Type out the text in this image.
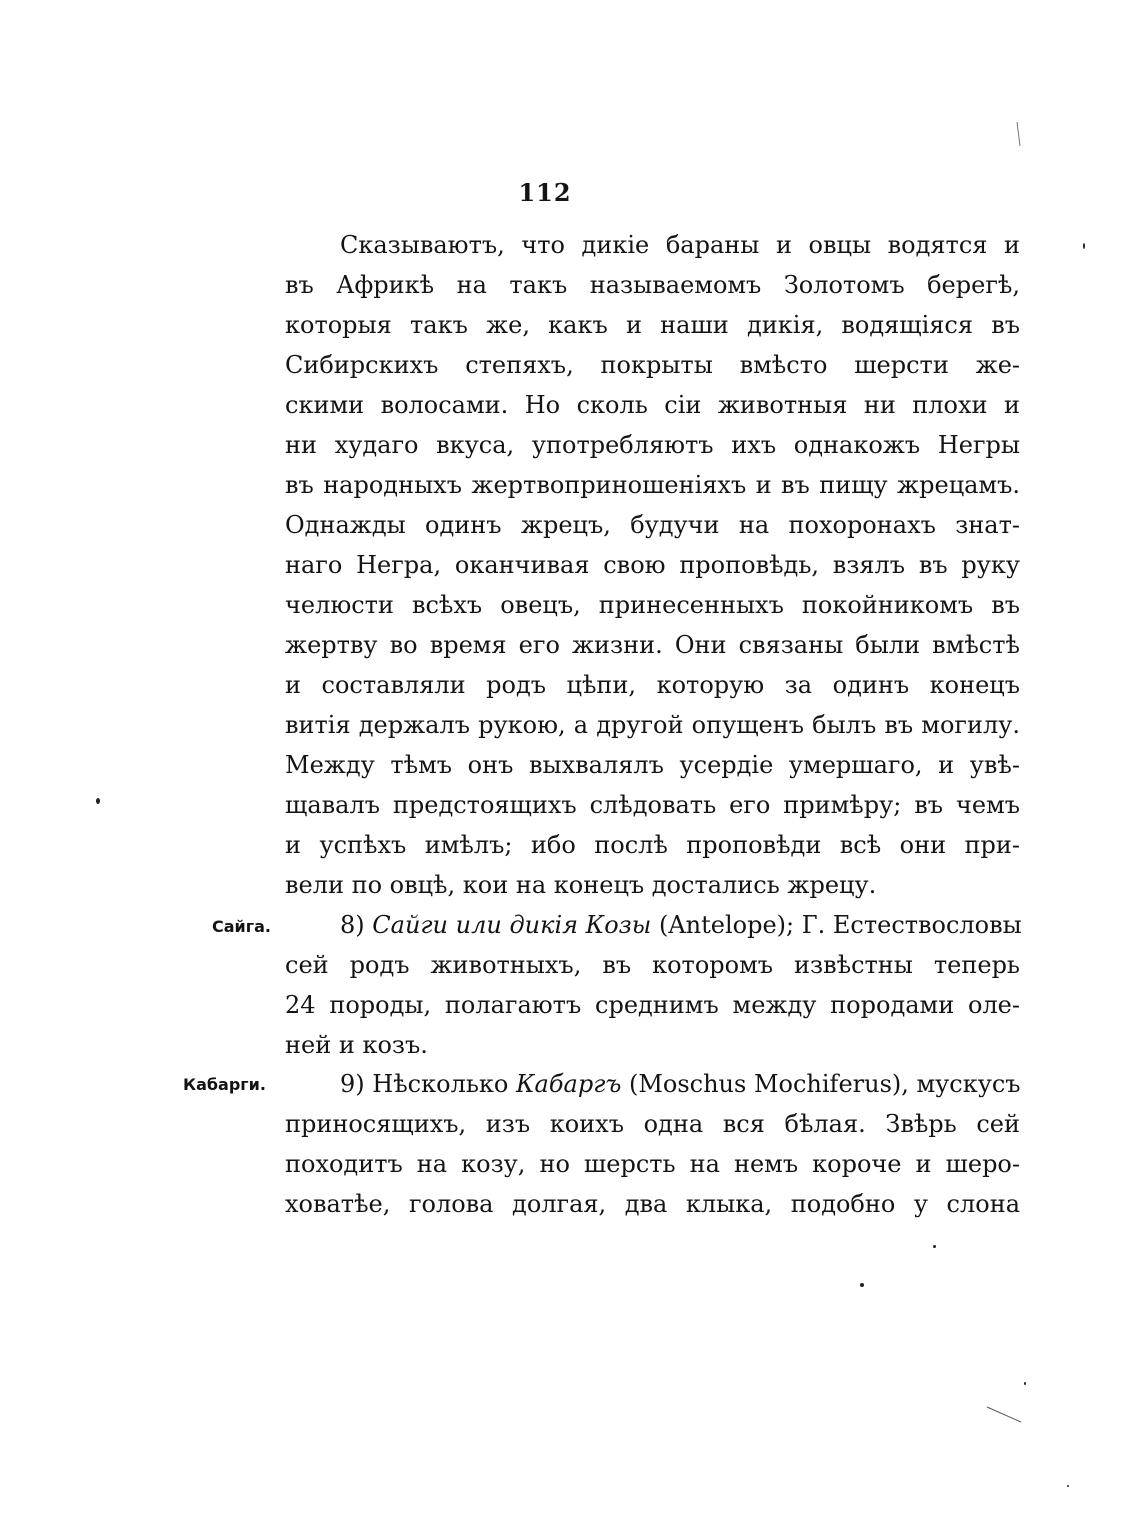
112
Сказываютъ, что дикіе бараны и овцы водятся и
въ Африкѣ на такъ называемомъ Золотомъ берегѣ,
которыя такъ же, какъ и наши дикія, водящіяся въ
Сибирскихъ степяхъ, покрыты вмѣсто шерсти же-
скими волосами. Но сколь сіи животныя ни плохи и
ни худаго вкуса, употребляютъ ихъ однакожъ Негры
въ народныхъ жертвоприношеніяхъ и въ пищу жрецамъ.
Однажды одинъ жрецъ, будучи на похоронахъ знат-
наго Негра, оканчивая свою проповѣдь, взялъ въ руку
челюсти всѣхъ овецъ, принесенныхъ покойникомъ въ
жертву во время его жизни. Они связаны были вмѣстѣ
и составляли родъ цѣпи, которую за одинъ конецъ
витія держалъ рукою, а другой опущенъ былъ въ могилу.
Между тѣмъ онъ выхвалялъ усердіе умершаго, и увѣ-
щавалъ предстоящихъ слѣдовать его примѣру; въ чемъ
и успѣхъ имѣлъ; ибо послѣ проповѣди всѣ они при-
вели по овцѣ, кои на конецъ достались жрецу.
Сайга.	8) Сайги или дикія Козы (Antelope); Г. Естествословы
сей родъ животныхъ, въ которомъ извѣстны теперь
24 породы, полагаютъ среднимъ между породами оле-
ней и козъ.
Кабарги.	9) Нѣсколько Кабаргъ (Moschus Mochiferus), мускусъ
приносящихъ, изъ коихъ одна вся бѣлая. Звѣрь сей
походитъ на козу, но шерсть на немъ короче и шеро-
ховатѣе, голова долгая, два клыка, подобно у слона
